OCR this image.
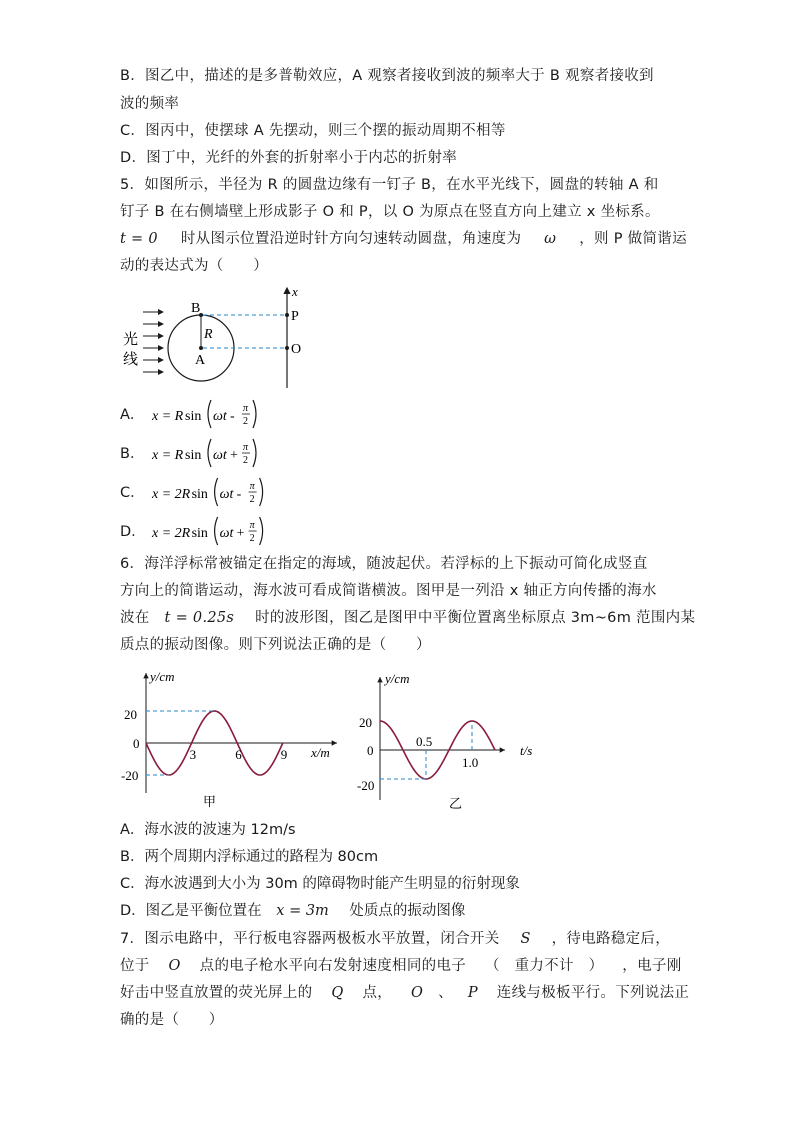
B．图乙中，描述的是多普勒效应，A 观察者接收到波的频率大于 B 观察者接收到
波的频率
C．图丙中，使摆球 A 先摆动，则三个摆的振动周期不相等
D．图丁中，光纤的外套的折射率小于内芯的折射率
5．如图所示，半径为 R 的圆盘边缘有一钉子 B，在水平光线下，圆盘的转轴 A 和
钉子 B 在右侧墙壁上形成影子 O 和 P，以 O 为原点在竖直方向上建立 x 坐标系。
t = 0 时从图示位置沿逆时针方向匀速转动圆盘，角速度为 ω ，则 P 做简谐运
动的表达式为（　　）
光
线
B
R
A
x
P
O
A． x = R sin ωt -
π
2
B． x = R sin ωt +
π
2
C． x = 2R sin ωt -
π
2
D． x = 2R sin ωt +
π
2
6．海洋浮标常被锚定在指定的海域，随波起伏。若浮标的上下振动可简化成竖直
方向上的简谐运动，海水波可看成简谐横波。图甲是一列沿 x 轴正方向传播的海水
波在 t = 0.25s 时的波形图，图乙是图甲中平衡位置离坐标原点 3m~6m 范围内某
质点的振动图像。则下列说法正确的是（　　）
y/cm
x/m
20
0
-20
3	6	9
甲
y/cm
t/s
20
0
-20
0.5
1.0
乙
A．海水波的波速为 12m/s
B．两个周期内浮标通过的路程为 80cm
C．海水波遇到大小为 30m 的障碍物时能产生明显的衍射现象
D．图乙是平衡位置在 x = 3m 处质点的振动图像
7．图示电路中，平行板电容器两极板水平放置，闭合开关 S ，待电路稳定后，
位于 O 点的电子枪水平向右发射速度相同的电子 （　重力不计　） ，电子刚
好击中竖直放置的荧光屏上的 Q 点， O 、 P 连线与极板平行。下列说法正
确的是（　　）
